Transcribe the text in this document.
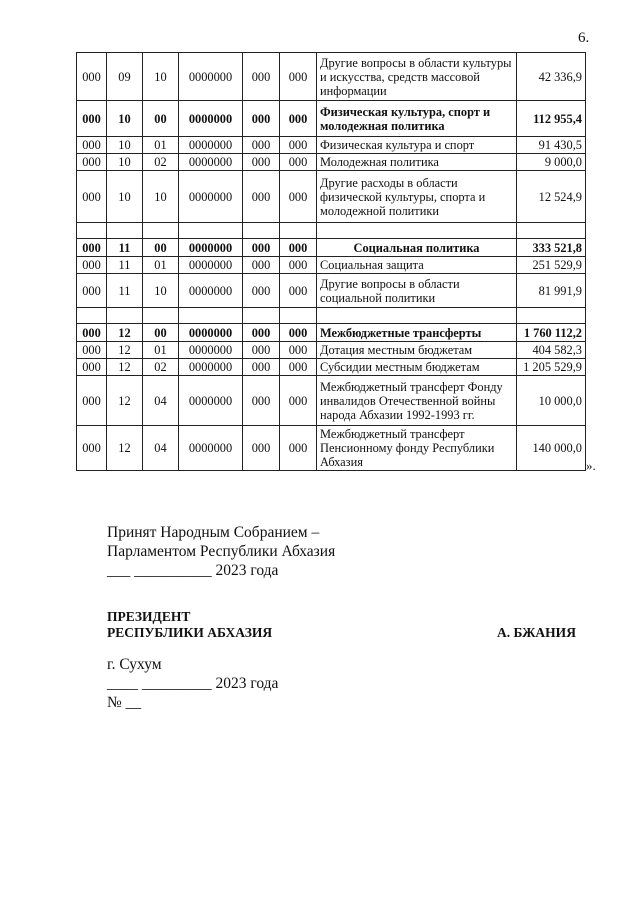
6.
000	09	10	0000000	000	000	Другие вопросы в области культуры и искусства, средств массовой информации	42 336,9
000	10	00	0000000	000	000	Физическая культура, спорт и молодежная политика	112 955,4
000	10	01	0000000	000	000	Физическая культура и спорт	91 430,5
000	10	02	0000000	000	000	Молодежная политика	9 000,0
000	10	10	0000000	000	000	Другие расходы в области физической культуры, спорта и молодежной политики	12 524,9

000	11	00	0000000	000	000	Социальная политика	333 521,8
000	11	01	0000000	000	000	Социальная защита	251 529,9
000	11	10	0000000	000	000	Другие вопросы в области социальной политики	81 991,9

000	12	00	0000000	000	000	Межбюджетные трансферты	1 760 112,2
000	12	01	0000000	000	000	Дотация местным бюджетам	404 582,3
000	12	02	0000000	000	000	Субсидии местным бюджетам	1 205 529,9
000	12	04	0000000	000	000	Межбюджетный трансферт Фонду инвалидов Отечественной войны народа Абхазии 1992-1993 гг.	10 000,0
000	12	04	0000000	000	000	Межбюджетный трансферт Пенсионному фонду Республики Абхазия	140 000,0
».
Принят Народным Собранием –
Парламентом Республики Абхазия
___ __________ 2023 года
ПРЕЗИДЕНТ
РЕСПУБЛИКИ АБХАЗИЯ	А. БЖАНИЯ
г. Сухум
____ _________ 2023 года
№ __
